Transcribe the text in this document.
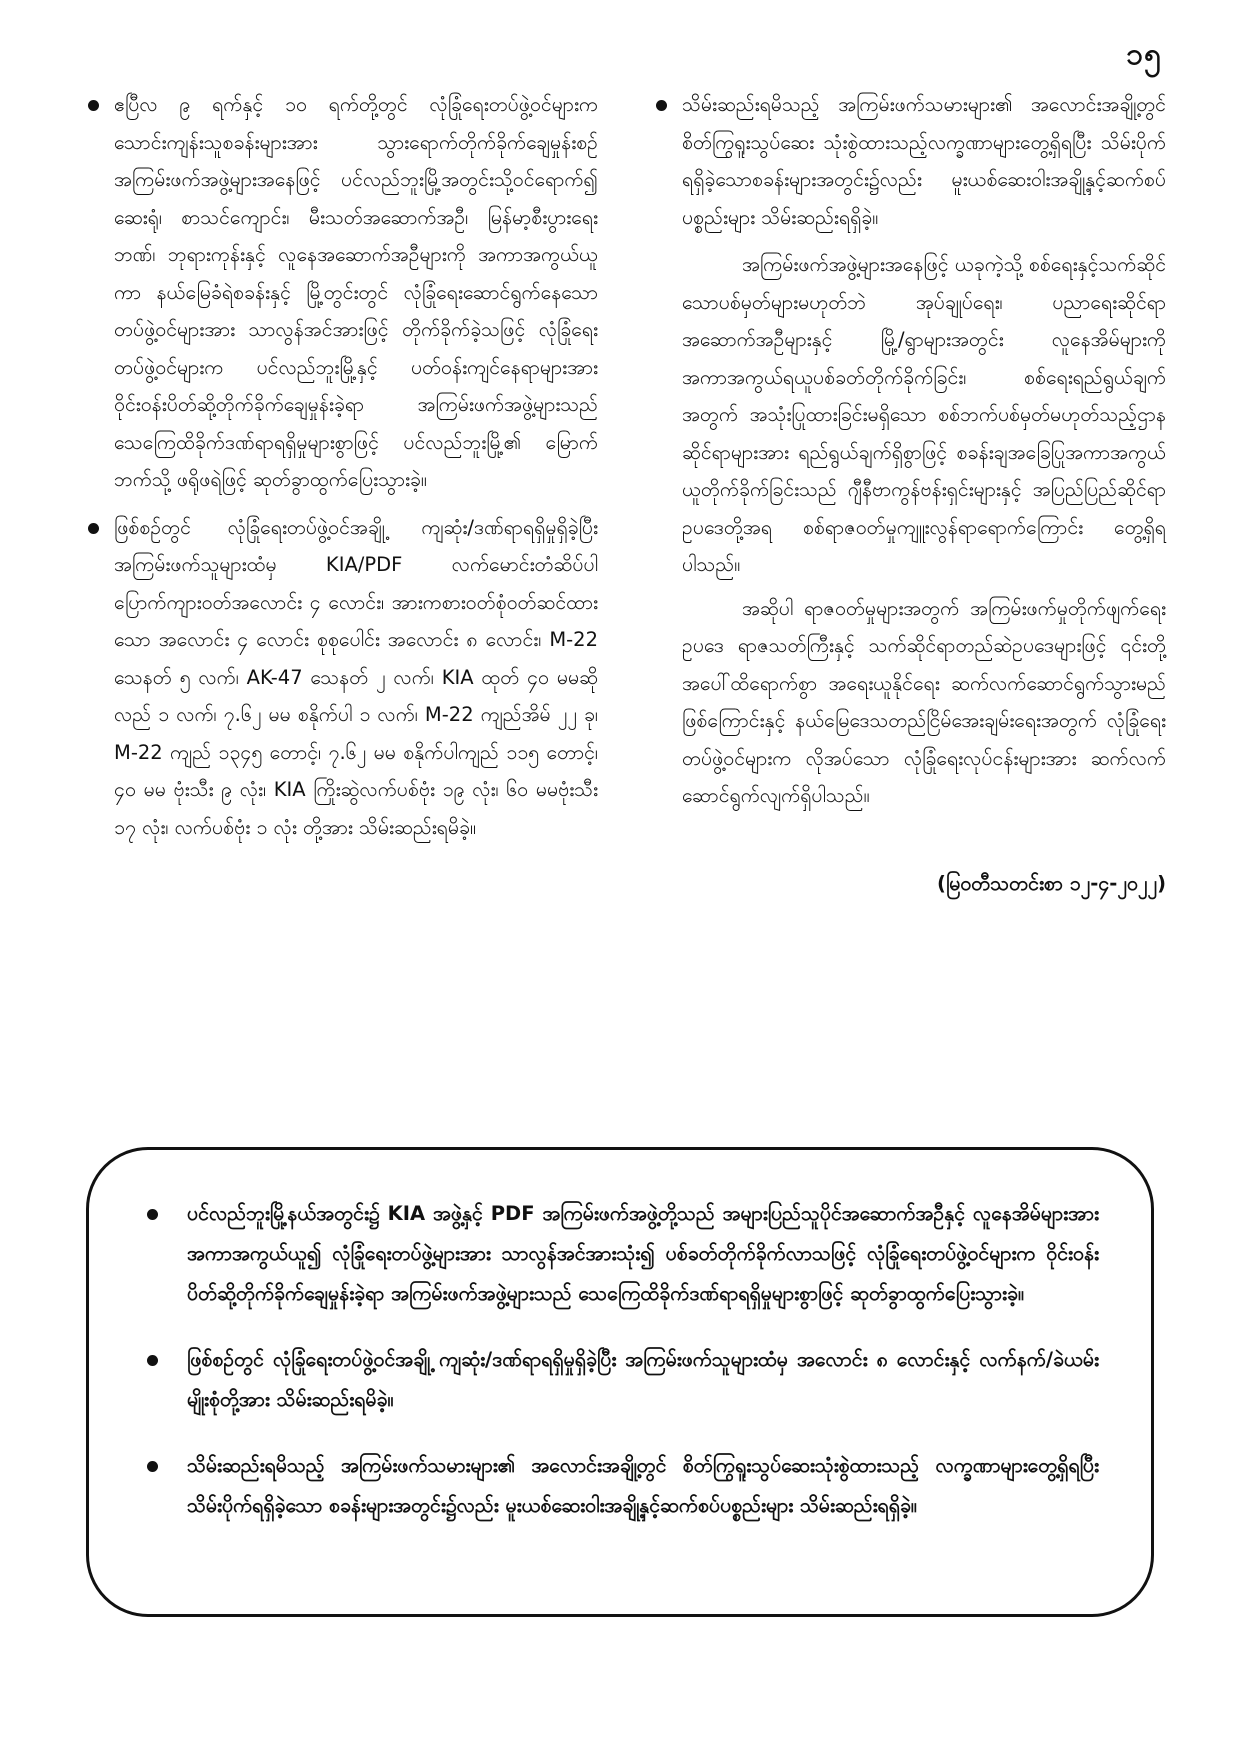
၁၅
ဧပြီလ ၉ ရက်နှင့် ၁၀ ရက်တို့တွင် လုံခြုံရေးတပ်ဖွဲ့ဝင်များက သောင်းကျန်းသူစခန်းများအား သွားရောက်တိုက်ခိုက်ချေမှုန်းစဉ် အကြမ်းဖက်အဖွဲ့များအနေဖြင့် ပင်လည်ဘူးမြို့အတွင်းသို့ဝင်ရောက်၍ ဆေးရုံ၊ စာသင်ကျောင်း၊ မီးသတ်အဆောက်အဦ၊ မြန်မာ့စီးပွားရေးဘဏ်၊ ဘုရားကုန်းနှင့် လူနေအဆောက်အဦများကို အကာအကွယ်ယူကာ နယ်မြေခံရဲစခန်းနှင့် မြို့တွင်းတွင် လုံခြုံရေးဆောင်ရွက်နေသောတပ်ဖွဲ့ဝင်များအား သာလွန်အင်အားဖြင့် တိုက်ခိုက်ခဲ့သဖြင့် လုံခြုံရေးတပ်ဖွဲ့ဝင်များက ပင်လည်ဘူးမြို့နှင့် ပတ်ဝန်းကျင်နေရာများအား ဝိုင်းဝန်းပိတ်ဆို့တိုက်ခိုက်ချေမှုန်းခဲ့ရာ အကြမ်းဖက်အဖွဲ့များသည် သေကြေထိခိုက်ဒဏ်ရာရရှိမှုများစွာဖြင့် ပင်လည်ဘူးမြို့၏ မြောက်ဘက်သို့ ဖရိုဖရဲဖြင့် ဆုတ်ခွာထွက်ပြေးသွားခဲ့။
ဖြစ်စဉ်တွင် လုံခြုံရေးတပ်ဖွဲ့ဝင်အချို့ ကျဆုံး/ဒဏ်ရာရရှိမှုရှိခဲ့ပြီး အကြမ်းဖက်သူများထံမှ KIA/PDF လက်မောင်းတံဆိပ်ပါ ပြောက်ကျားဝတ်အလောင်း ၄ လောင်း၊ အားကစားဝတ်စုံဝတ်ဆင်ထားသော အလောင်း ၄ လောင်း စုစုပေါင်း အလောင်း ၈ လောင်း၊ M-22 သေနတ် ၅ လက်၊ AK-47 သေနတ် ၂ လက်၊ KIA ထုတ် ၄၀ မမဆိုလည် ၁ လက်၊ ၇.၆၂ မမ စနိုက်ပါ ၁ လက်၊ M-22 ကျည်အိမ် ၂၂ ခု၊ M-22 ကျည် ၁၃၄၅ တောင့်၊ ၇.၆၂ မမ စနိုက်ပါကျည် ၁၁၅ တောင့်၊ ၄၀ မမ ဗုံးသီး ၉ လုံး၊ KIA ကြိုးဆွဲလက်ပစ်ဗုံး ၁၉ လုံး၊ ၆၀ မမဗုံးသီး ၁၇ လုံး၊ လက်ပစ်ဗုံး ၁ လုံး တို့အား သိမ်းဆည်းရမိခဲ့။
သိမ်းဆည်းရမိသည့် အကြမ်းဖက်သမားများ၏ အလောင်းအချို့တွင် စိတ်ကြွရူးသွပ်ဆေး သုံးစွဲထားသည့်လက္ခဏာများတွေ့ရှိရပြီး သိမ်းပိုက်ရရှိခဲ့သောစခန်းများအတွင်း၌လည်း မူးယစ်ဆေးဝါးအချို့နှင့်ဆက်စပ်ပစ္စည်းများ သိမ်းဆည်းရရှိခဲ့။

အကြမ်းဖက်အဖွဲ့များအနေဖြင့် ယခုကဲ့သို့ စစ်ရေးနှင့်သက်ဆိုင်သောပစ်မှတ်များမဟုတ်ဘဲ အုပ်ချုပ်ရေး၊ ပညာရေးဆိုင်ရာ အဆောက်အဦများနှင့် မြို့/ရွာများအတွင်း လူနေအိမ်များကို အကာအကွယ်ရယူပစ်ခတ်တိုက်ခိုက်ခြင်း၊ စစ်ရေးရည်ရွယ်ချက်အတွက် အသုံးပြုထားခြင်းမရှိသော စစ်ဘက်ပစ်မှတ်မဟုတ်သည့်ဌာနဆိုင်ရာများအား ရည်ရွယ်ချက်ရှိစွာဖြင့် စခန်းချအခြေပြုအကာအကွယ်ယူတိုက်ခိုက်ခြင်းသည် ဂျီနီဗာကွန်ဗန်းရှင်းများနှင့် အပြည်ပြည်ဆိုင်ရာဥပဒေတို့အရ စစ်ရာဇဝတ်မှုကျူးလွန်ရာရောက်ကြောင်း တွေ့ရှိရပါသည်။

အဆိုပါ ရာဇဝတ်မှုများအတွက် အကြမ်းဖက်မှုတိုက်ဖျက်ရေးဥပဒေ ရာဇသတ်ကြီးနှင့် သက်ဆိုင်ရာတည်ဆဲဥပဒေများဖြင့် ၎င်းတို့အပေါ်ထိရောက်စွာ အရေးယူနိုင်ရေး ဆက်လက်ဆောင်ရွက်သွားမည်ဖြစ်ကြောင်းနှင့် နယ်မြေဒေသတည်ငြိမ်အေးချမ်းရေးအတွက် လုံခြုံရေးတပ်ဖွဲ့ဝင်များက လိုအပ်သော လုံခြုံရေးလုပ်ငန်းများအား ဆက်လက်ဆောင်ရွက်လျက်ရှိပါသည်။

(မြဝတီသတင်းစာ ၁၂-၄-၂၀၂၂)
ပင်လည်ဘူးမြို့နယ်အတွင်း၌ KIA အဖွဲ့နှင့် PDF အကြမ်းဖက်အဖွဲ့တို့သည် အများပြည်သူပိုင်အဆောက်အဦနှင့် လူနေအိမ်များအား အကာအကွယ်ယူ၍ လုံခြုံရေးတပ်ဖွဲ့များအား သာလွန်အင်အားသုံး၍ ပစ်ခတ်တိုက်ခိုက်လာသဖြင့် လုံခြုံရေးတပ်ဖွဲ့ဝင်များက ဝိုင်းဝန်းပိတ်ဆို့တိုက်ခိုက်ချေမှုန်းခဲ့ရာ အကြမ်းဖက်အဖွဲ့များသည် သေကြေထိခိုက်ဒဏ်ရာရရှိမှုများစွာဖြင့် ဆုတ်ခွာထွက်ပြေးသွားခဲ့။
ဖြစ်စဉ်တွင် လုံခြုံရေးတပ်ဖွဲ့ဝင်အချို့ ကျဆုံး/ဒဏ်ရာရရှိမှုရှိခဲ့ပြီး အကြမ်းဖက်သူများထံမှ အလောင်း ၈ လောင်းနှင့် လက်နက်/ခဲယမ်းမျိုးစုံတို့အား သိမ်းဆည်းရမိခဲ့။
သိမ်းဆည်းရမိသည့် အကြမ်းဖက်သမားများ၏ အလောင်းအချို့တွင် စိတ်ကြွရူးသွပ်ဆေးသုံးစွဲထားသည့် လက္ခဏာများတွေ့ရှိရပြီး သိမ်းပိုက်ရရှိခဲ့သော စခန်းများအတွင်း၌လည်း မူးယစ်ဆေးဝါးအချို့နှင့်ဆက်စပ်ပစ္စည်းများ သိမ်းဆည်းရရှိခဲ့။
